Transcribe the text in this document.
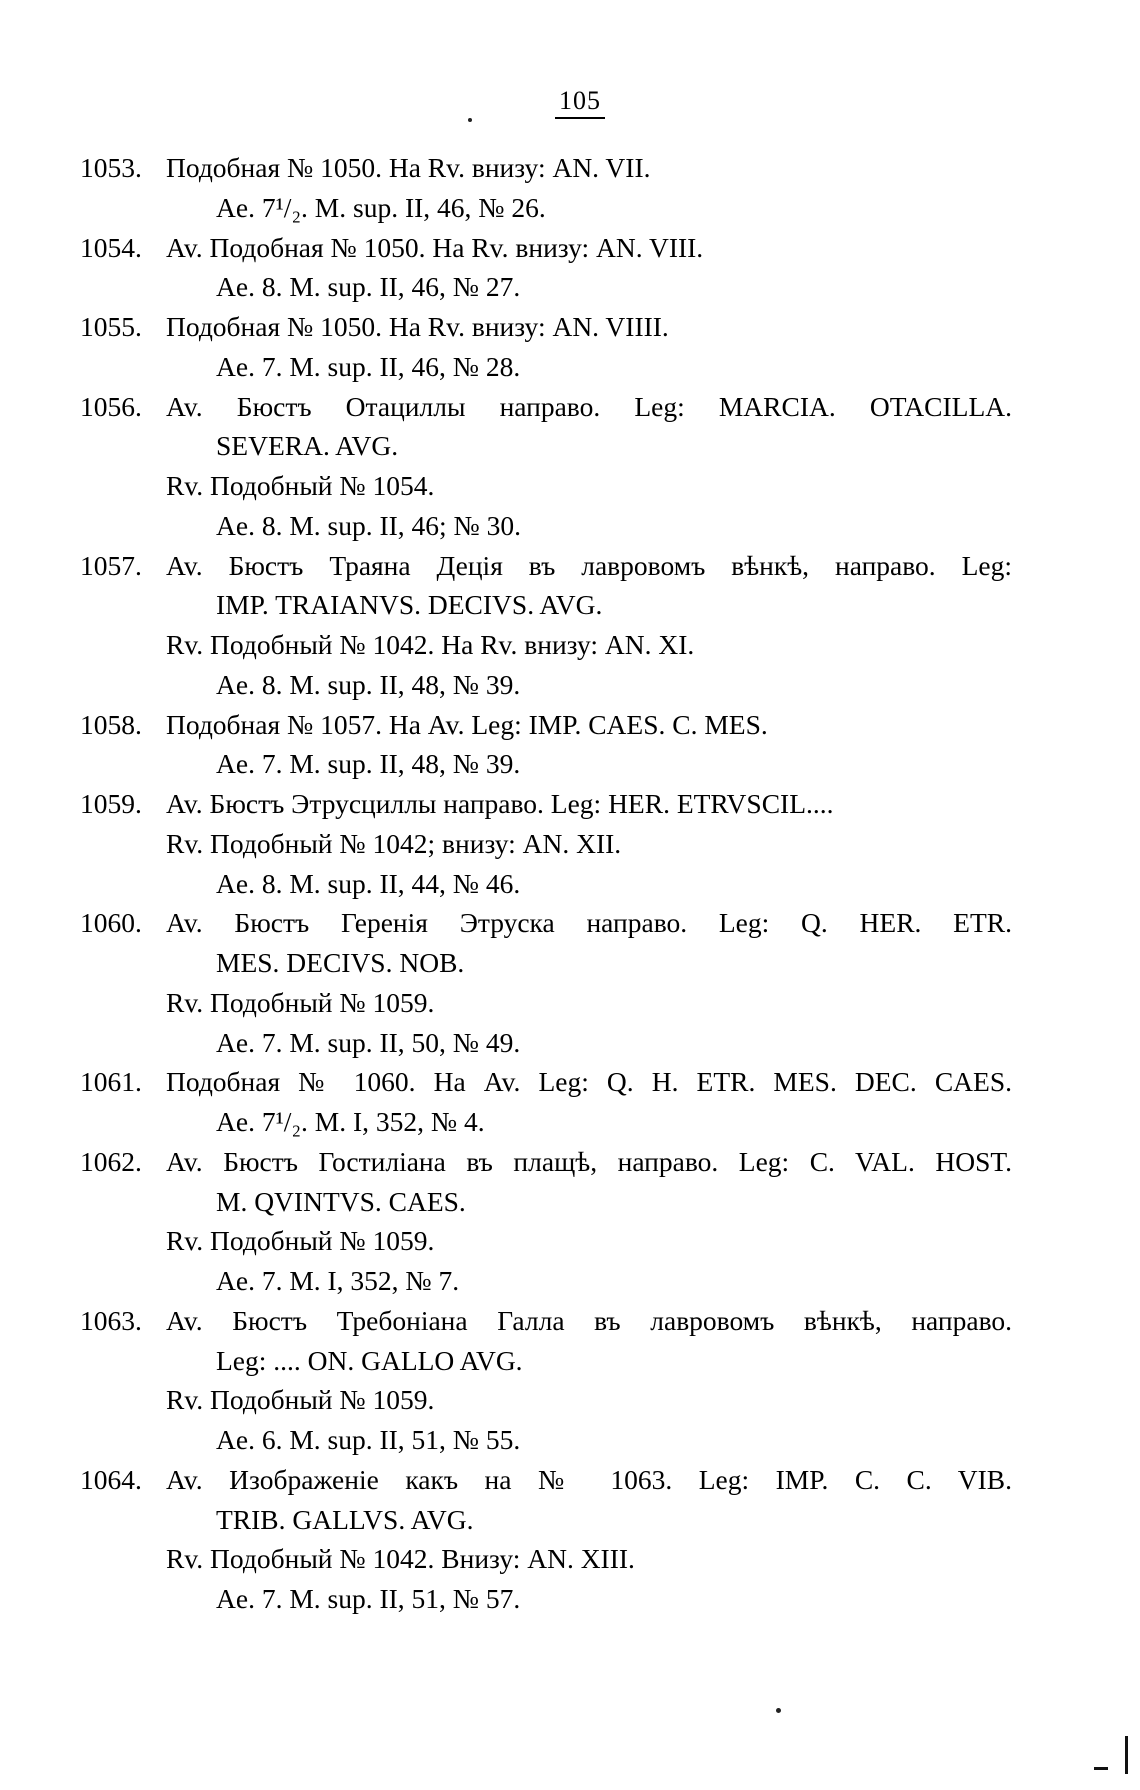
105
1053. Подобная № 1050. На Rv. внизу: AN. VII.
Ae. 7¹/₂. M. sup. II, 46, № 26.
1054. Av. Подобная № 1050. На Rv. внизу: AN. VIII.
Ae. 8. M. sup. II, 46, № 27.
1055. Подобная № 1050. На Rv. внизу: AN. VIIII.
Ae. 7. M. sup. II, 46, № 28.
1056. Av. Бюстъ Отациллы направо. Leg: MARCIA. OTACILLA.
SEVERA. AVG.
Rv. Подобный № 1054.
Ae. 8. M. sup. II, 46; № 30.
1057. Av. Бюстъ Траяна Деція въ лавровомъ вѣнкѣ, направо. Leg:
IMP. TRAIANVS. DECIVS. AVG.
Rv. Подобный № 1042. На Rv. внизу: AN. XI.
Ae. 8. M. sup. II, 48, № 39.
1058. Подобная № 1057. На Av. Leg: IMP. CAES. C. MES.
Ae. 7. M. sup. II, 48, № 39.
1059. Av. Бюстъ Этрусциллы направо. Leg: HER. ETRVSCIL....
Rv. Подобный № 1042; внизу: AN. XII.
Ae. 8. M. sup. II, 44, № 46.
1060. Av. Бюстъ Геренія Этруска направо. Leg: Q. HER. ETR.
MES. DECIVS. NOB.
Rv. Подобный № 1059.
Ae. 7. M. sup. II, 50, № 49.
1061. Подобная № 1060. На Av. Leg: Q. H. ETR. MES. DEC. CAES.
Ae. 7¹/₂. M. I, 352, № 4.
1062. Av. Бюстъ Гостиліана въ плащѣ, направо. Leg: C. VAL. HOST.
M. QVINTVS. CAES.
Rv. Подобный № 1059.
Ae. 7. M. I, 352, № 7.
1063. Av. Бюстъ Требоніана Галла въ лавровомъ вѣнкѣ, направо.
Leg: .... ON. GALLO AVG.
Rv. Подобный № 1059.
Ae. 6. M. sup. II, 51, № 55.
1064. Av. Изображеніе какъ на № 1063. Leg: IMP. C. C. VIB.
TRIB. GALLVS. AVG.
Rv. Подобный № 1042. Внизу: AN. XIII.
Ae. 7. M. sup. II, 51, № 57.
